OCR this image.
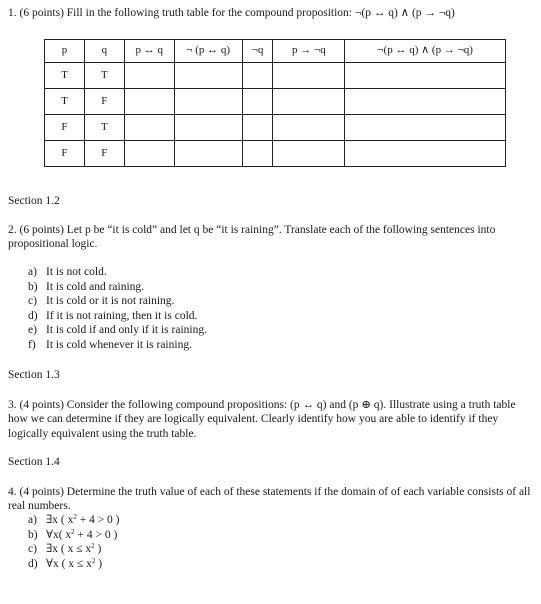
1. (6 points) Fill in the following truth table for the compound proposition: ¬(p ↔ q) ∧ (p → ¬q)
p	q	p ↔ q	¬ (p ↔ q)	¬q	p → ¬q	¬(p ↔ q) ∧ (p → ¬q)
T	T					
T	F					
F	T					
F	F					
Section 1.2
2. (6 points) Let p be “it is cold” and let q be “it is raining”. Translate each of the following sentences into propositional logic.
a) It is not cold.
b) It is cold and raining.
c) It is cold or it is not raining.
d) If it is not raining, then it is cold.
e) It is cold if and only if it is raining.
f) It is cold whenever it is raining.
Section 1.3
3. (4 points) Consider the following compound propositions: (p ↔ q) and (p ⊕ q). Illustrate using a truth table how we can determine if they are logically equivalent. Clearly identify how you are able to identify if they logically equivalent using the truth table.
Section 1.4
4. (4 points) Determine the truth value of each of these statements if the domain of of each variable consists of all real numbers.
a) ∃x ( $x^2 + 4 > 0$ )
b) ∀x( $x^2 + 4 > 0$ )
c) ∃x ( $x \le x^2$ )
d) ∀x ( $x \le x^2$ )
